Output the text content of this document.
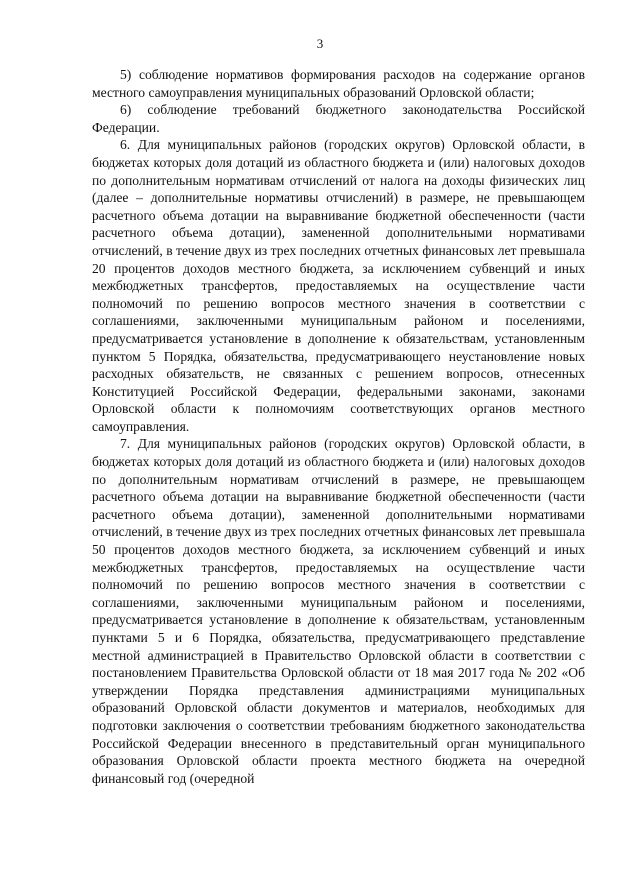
3

5) соблюдение нормативов формирования расходов на содержание органов местного самоуправления муниципальных образований Орловской области;

6) соблюдение требований бюджетного законодательства Российской Федерации.

6. Для муниципальных районов (городских округов) Орловской области, в бюджетах которых доля дотаций из областного бюджета и (или) налоговых доходов по дополнительным нормативам отчислений от налога на доходы физических лиц (далее – дополнительные нормативы отчислений) в размере, не превышающем расчетного объема дотации на выравнивание бюджетной обеспеченности (части расчетного объема дотации), замененной дополнительными нормативами отчислений, в течение двух из трех последних отчетных финансовых лет превышала 20 процентов доходов местного бюджета, за исключением субвенций и иных межбюджетных трансфертов, предоставляемых на осуществление части полномочий по решению вопросов местного значения в соответствии с соглашениями, заключенными муниципальным районом и поселениями, предусматривается установление в дополнение к обязательствам, установленным пунктом 5 Порядка, обязательства, предусматривающего неустановление новых расходных обязательств, не связанных с решением вопросов, отнесенных Конституцией Российской Федерации, федеральными законами, законами Орловской области к полномочиям соответствующих органов местного самоуправления.

7. Для муниципальных районов (городских округов) Орловской области, в бюджетах которых доля дотаций из областного бюджета и (или) налоговых доходов по дополнительным нормативам отчислений в размере, не превышающем расчетного объема дотации на выравнивание бюджетной обеспеченности (части расчетного объема дотации), замененной дополнительными нормативами отчислений, в течение двух из трех последних отчетных финансовых лет превышала 50 процентов доходов местного бюджета, за исключением субвенций и иных межбюджетных трансфертов, предоставляемых на осуществление части полномочий по решению вопросов местного значения в соответствии с соглашениями, заключенными муниципальным районом и поселениями, предусматривается установление в дополнение к обязательствам, установленным пунктами 5 и 6 Порядка, обязательства, предусматривающего представление местной администрацией в Правительство Орловской области в соответствии с постановлением Правительства Орловской области от 18 мая 2017 года № 202 «Об утверждении Порядка представления администрациями муниципальных образований Орловской области документов и материалов, необходимых для подготовки заключения о соответствии требованиям бюджетного законодательства Российской Федерации внесенного в представительный орган муниципального образования Орловской области проекта местного бюджета на очередной финансовый год (очередной
